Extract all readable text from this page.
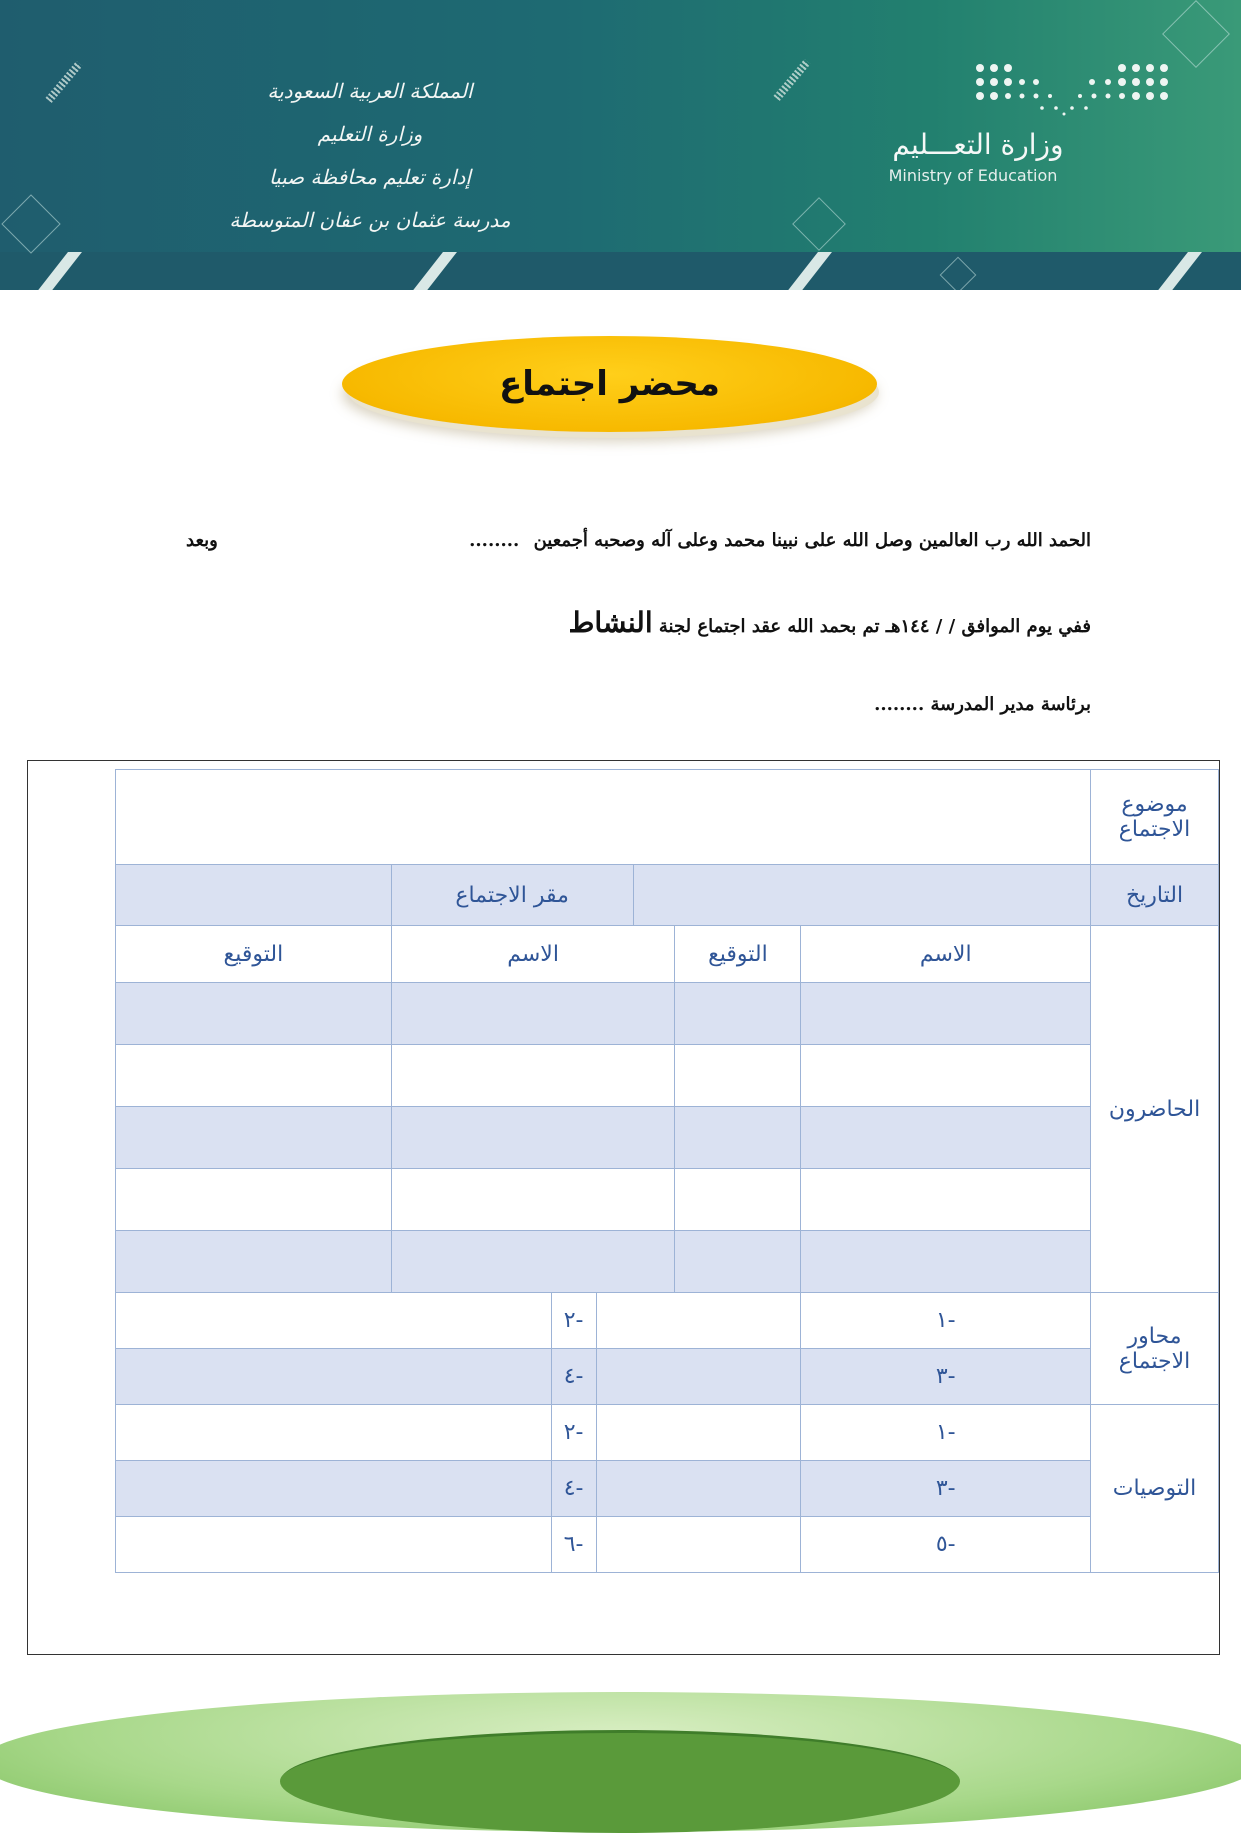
المملكة العربية السعودية
وزارة التعليم
إدارة تعليم محافظة صبيا
مدرسة عثمان بن عفان المتوسطة
وزارة التعـــليم
Ministry of Education
محضر اجتماع
الحمد الله رب العالمين وصل الله على نبينا محمد وعلى آله وصحبه أجمعين ........
وبعد
ففي يوم الموافق / / ١٤٤هـ تم بحمد الله عقد اجتماع لجنة النشاط
برئاسة مدير المدرسة ........
موضوع الاجتماع							
التاريخ				مقر الاجتماع			
الحاضرون	الاسم	التوقيع	الاسم				التوقيع

محاور الاجتماع	-١				-٢		
	-٣				-٤		
التوصيات	-١				-٢		
	-٣				-٤		
	-٥				-٦		
